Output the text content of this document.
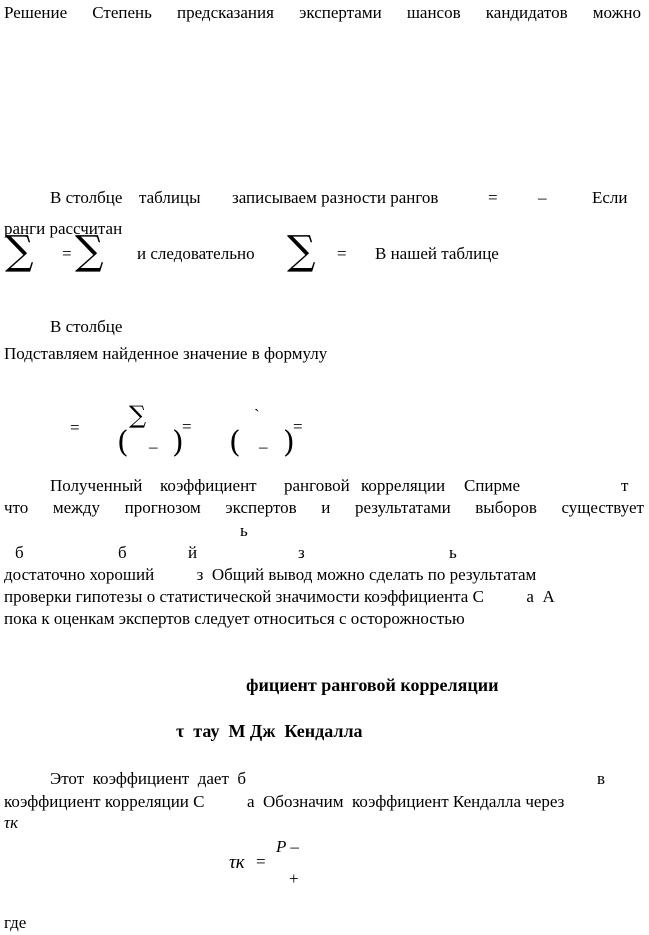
Решение Степень предсказания экспертами шансов кандидатов можно
В столбце таблицы записываем разности рангов	= –	Если
ранги рассчитан
∑ = ∑ и следовательно ∑ = В нашей таблице
В столбце
Подставляем найденное значение в формулу
= ∑
( – )
=
`
( – )
=
Полученный коэффициент ранговой корреляции Спирме	т
что между прогнозом экспертов и результатами выборов существует
ь
б	б	й	з	ь
достаточно хороший          з  Общий вывод можно сделать по результатам
проверки гипотезы о статистической значимости коэффициента С          а  А
пока к оценкам экспертов следует относиться с осторожностью
фициент ранговой корреляции
τ  тау  М Дж  Кендалла
Этот  коэффициент  дает  б	в
коэффициент корреляции С          а  Обозначим  коэффициент Кендалла через
τк
τк =
P –
+
где
